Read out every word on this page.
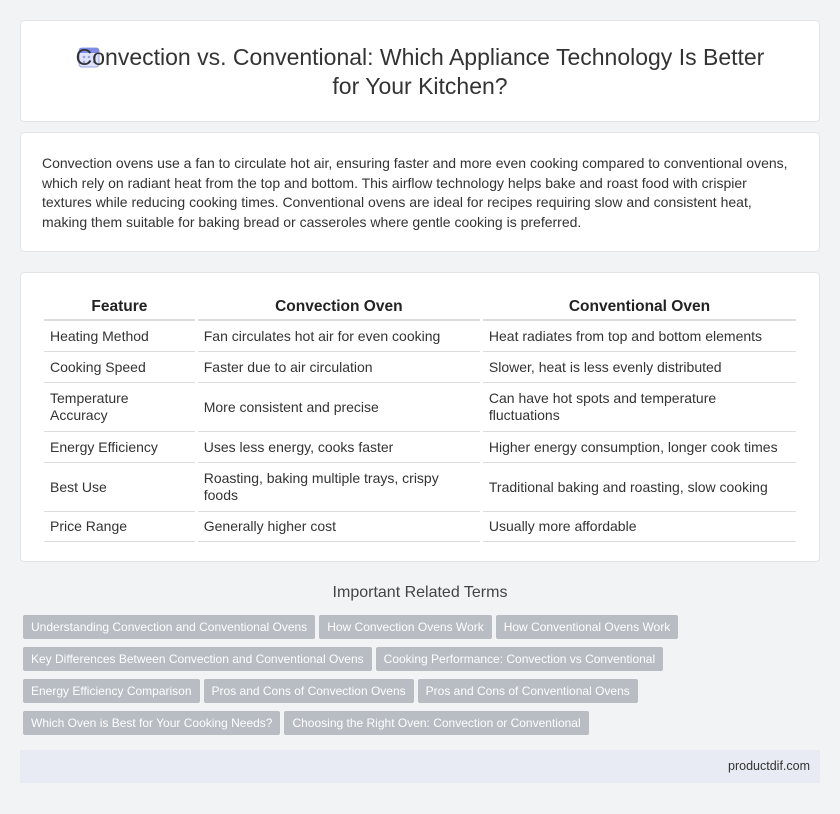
Convection vs. Conventional: Which Appliance Technology Is Better for Your Kitchen?

Convection ovens use a fan to circulate hot air, ensuring faster and more even cooking compared to conventional ovens, which rely on radiant heat from the top and bottom. This airflow technology helps bake and roast food with crispier textures while reducing cooking times. Conventional ovens are ideal for recipes requiring slow and consistent heat, making them suitable for baking bread or casseroles where gentle cooking is preferred.

Feature	Convection Oven	Conventional Oven
Heating Method	Fan circulates hot air for even cooking	Heat radiates from top and bottom elements
Cooking Speed	Faster due to air circulation	Slower, heat is less evenly distributed
Temperature Accuracy	More consistent and precise	Can have hot spots and temperature fluctuations
Energy Efficiency	Uses less energy, cooks faster	Higher energy consumption, longer cook times
Best Use	Roasting, baking multiple trays, crispy foods	Traditional baking and roasting, slow cooking
Price Range	Generally higher cost	Usually more affordable
Important Related Terms
Understanding Convection and Conventional Ovens How Convection Ovens Work How Conventional Ovens Work
Key Differences Between Convection and Conventional Ovens Cooking Performance: Convection vs Conventional
Energy Efficiency Comparison Pros and Cons of Convection Ovens Pros and Cons of Conventional Ovens
Which Oven is Best for Your Cooking Needs? Choosing the Right Oven: Convection or Conventional
productdif.com
